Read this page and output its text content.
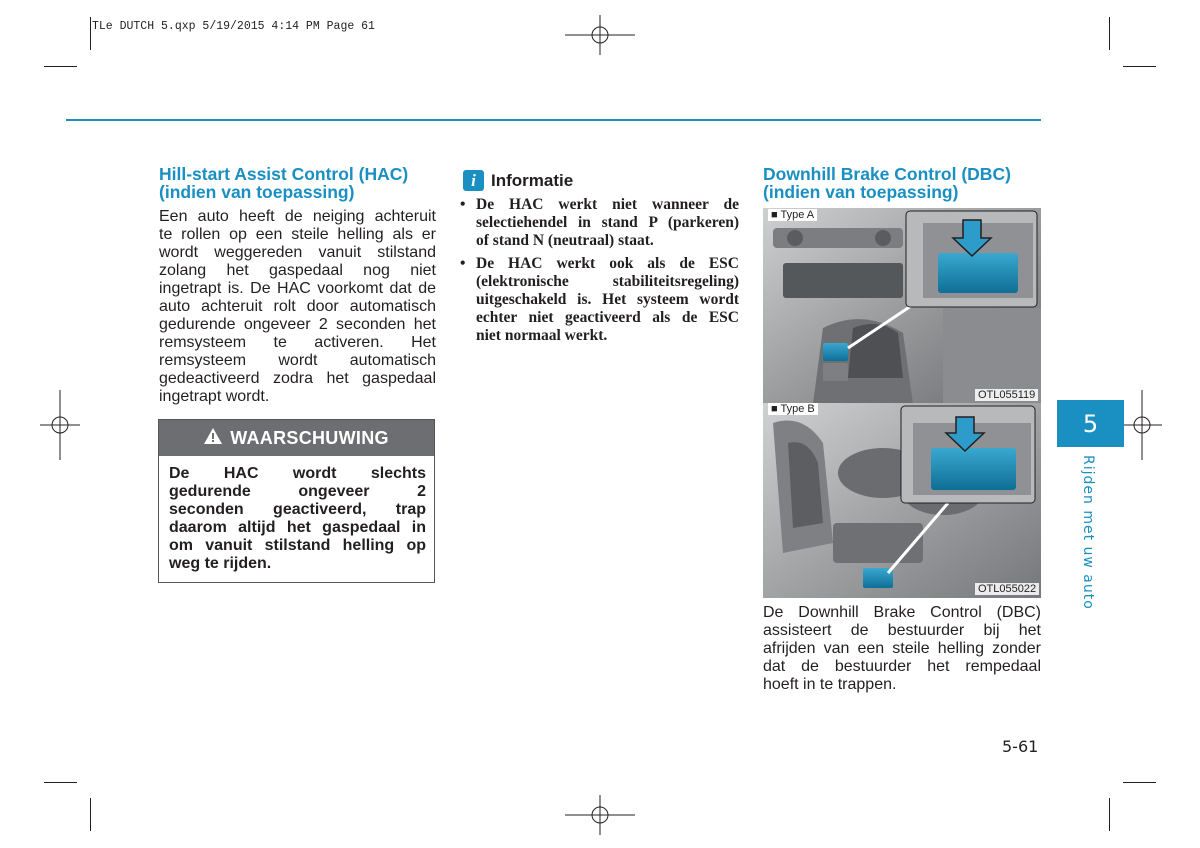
TLe DUTCH 5.qxp 5/19/2015 4:14 PM Page 61
Hill-start Assist Control (HAC)
(indien van toepassing)
Een auto heeft de neiging achteruit
te rollen op een steile helling als er
wordt weggereden vanuit stilstand
zolang het gaspedaal nog niet
ingetrapt is. De HAC voorkomt dat de
auto achteruit rolt door automatisch
gedurende ongeveer 2 seconden het
remsysteem te activeren. Het
remsysteem wordt automatisch
gedeactiveerd zodra het gaspedaal
ingetrapt wordt.
WAARSCHUWING
De HAC wordt slechts
gedurende ongeveer 2
seconden geactiveerd, trap
daarom altijd het gaspedaal in
om vanuit stilstand helling op
weg te rijden.
i Informatie
• De HAC werkt niet wanneer de
selectiehendel in stand P (parkeren)
of stand N (neutraal) staat.
• De HAC werkt ook als de ESC
(elektronische stabiliteitsregeling)
uitgeschakeld is. Het systeem wordt
echter niet geactiveerd als de ESC
niet normaal werkt.
Downhill Brake Control (DBC)
(indien van toepassing)
■ Type A
OTL055119
■ Type B
OTL055022
De Downhill Brake Control (DBC)
assisteert de bestuurder bij het
afrijden van een steile helling zonder
dat de bestuurder het rempedaal
hoeft in te trappen.
5
Rijden met uw auto
5-61
